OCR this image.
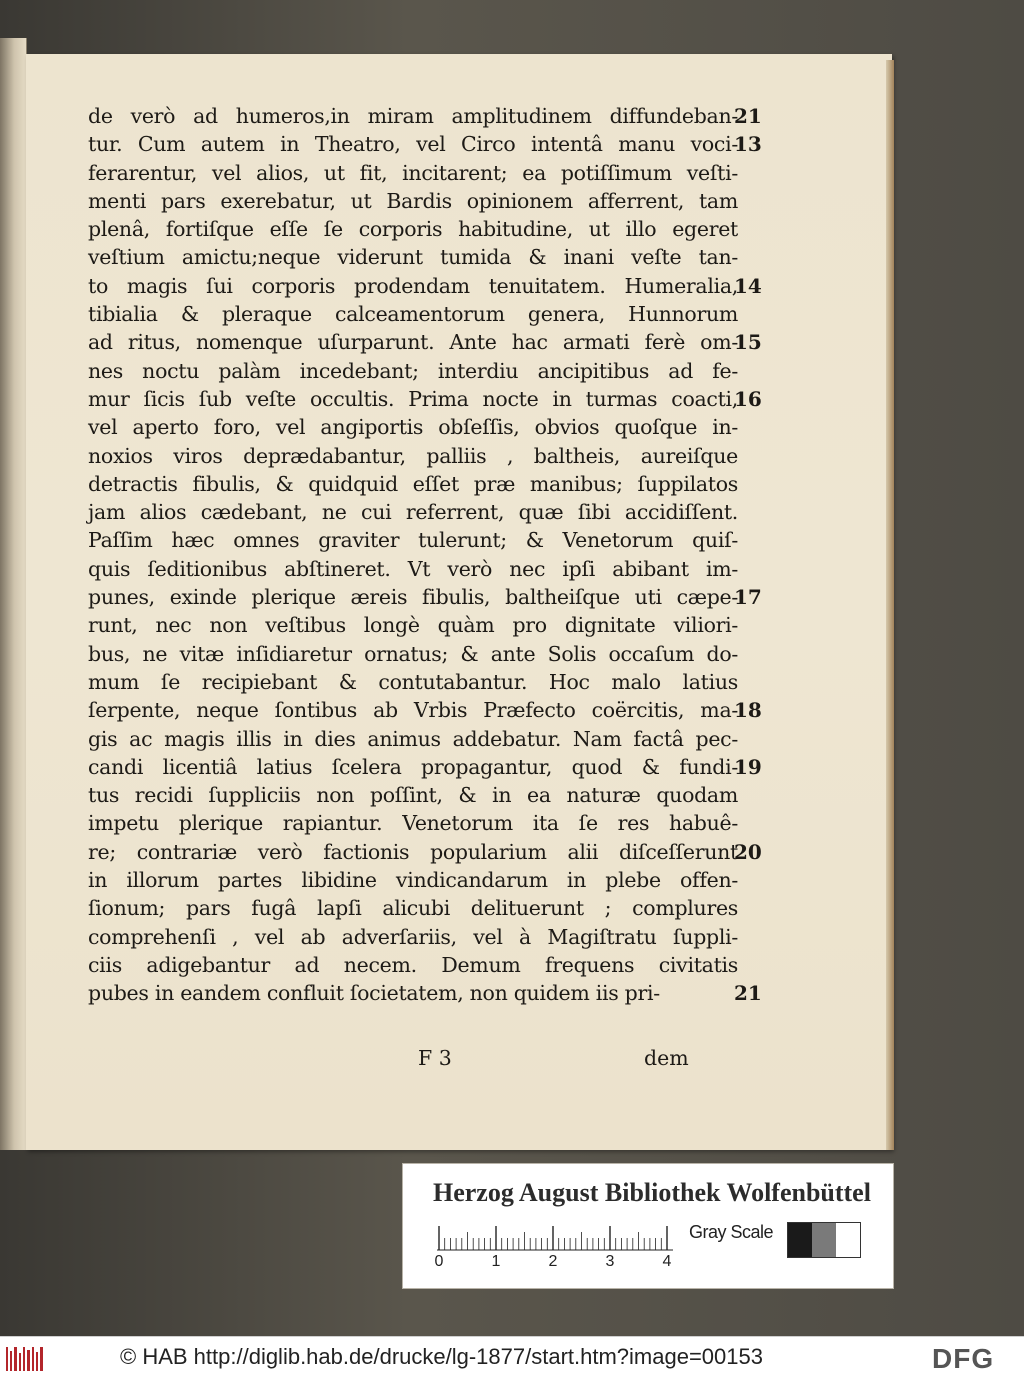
de verò ad humeros,in miram amplitudinem diffundeban-
tur. Cum autem in Theatro, vel Circo intentâ manu voci-
ferarentur, vel alios, ut fit, incitarent; ea potiſſimum veſti-
menti pars exerebatur, ut Bardis opinionem afferrent, tam
plenâ, fortiſque eſſe ſe corporis habitudine, ut illo egeret
veſtium amictu;neque viderunt tumida & inani veſte tan-
to magis ſui corporis prodendam tenuitatem. Humeralia,
tibialia & pleraque calceamentorum genera, Hunnorum
ad ritus, nomenque uſurparunt. Ante hac armati ferè om-
nes noctu palàm incedebant; interdiu ancipitibus ad fe-
mur ſicis ſub veſte occultis. Prima nocte in turmas coacti,
vel aperto foro, vel angiportis obſeſſis, obvios quoſque in-
noxios viros deprædabantur, palliis , baltheis, aureiſque
detractis fibulis, & quidquid eſſet præ manibus; ſuppilatos
jam alios cædebant, ne cui referrent, quæ ſibi accidiſſent.
Paſſim hæc omnes graviter tulerunt; & Venetorum quiſ-
quis ſeditionibus abſtineret. Vt verò nec ipſi abibant im-
punes, exinde plerique æreis fibulis, baltheiſque uti cæpe-
runt, nec non veſtibus longè quàm pro dignitate viliori-
bus, ne vitæ inſidiaretur ornatus; & ante Solis occaſum do-
mum ſe recipiebant & contutabantur. Hoc malo latius
ſerpente, neque ſontibus ab Vrbis Præfecto coërcitis, ma-
gis ac magis illis in dies animus addebatur. Nam factâ pec-
candi licentiâ latius ſcelera propagantur, quod & fundi-
tus recidi ſuppliciis non poſſint, & in ea naturæ quodam
impetu plerique rapiantur. Venetorum ita ſe res habuê-
re; contrariæ verò factionis popularium alii diſceſſerunt
in illorum partes libidine vindicandarum in plebe offen-
ſionum; pars fugâ lapſi alicubi delituerunt ; complures
comprehenſi , vel ab adverſariis, vel à Magiſtratu ſuppli-
ciis adigebantur ad necem. Demum frequens civitatis
pubes in eandem confluit ſocietatem, non quidem iis pri-
21
13
14
15
16
17
18
19
20
21
F 3	dem
Herzog August Bibliothek Wolfenbüttel
0	1	2	3	4
Gray Scale
© HAB http://diglib.hab.de/drucke/lg-1877/start.htm?image=00153	DFG
